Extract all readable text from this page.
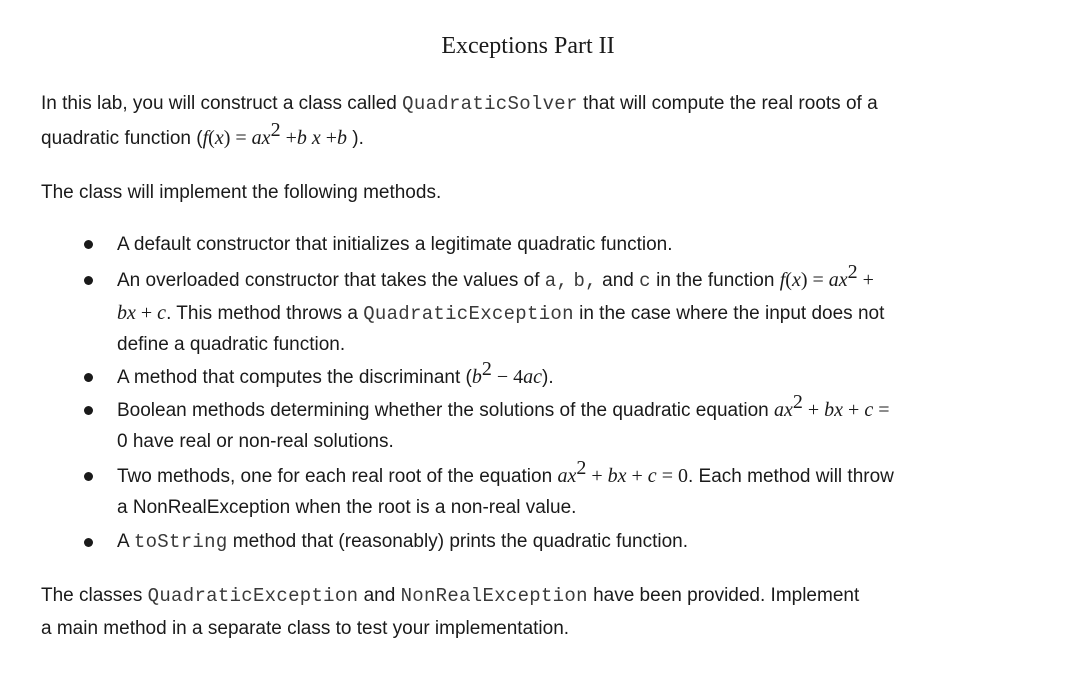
Exceptions Part II
In this lab, you will construct a class called QuadraticSolver that will compute the real roots of a
quadratic function ($f(x) = ax^2 +b$ x +b ).
The class will implement the following methods.
A default constructor that initializes a legitimate quadratic function.
An overloaded constructor that takes the values of a, b, and c in the function $f(x) = ax^2$ +
bx + c. This method throws a QuadraticException in the case where the input does not
define a quadratic function.
A method that computes the discriminant $(b^2 - 4ac)$.
Boolean methods determining whether the solutions of the quadratic equation $ax^2$ + bx + c =
0 have real or non-real solutions.
Two methods, one for each real root of the equation $ax^2$ + bx + c = 0. Each method will throw
a NonRealException when the root is a non-real value.
A toString method that (reasonably) prints the quadratic function.
The classes QuadraticException and NonRealException have been provided. Implement
a main method in a separate class to test your implementation.
